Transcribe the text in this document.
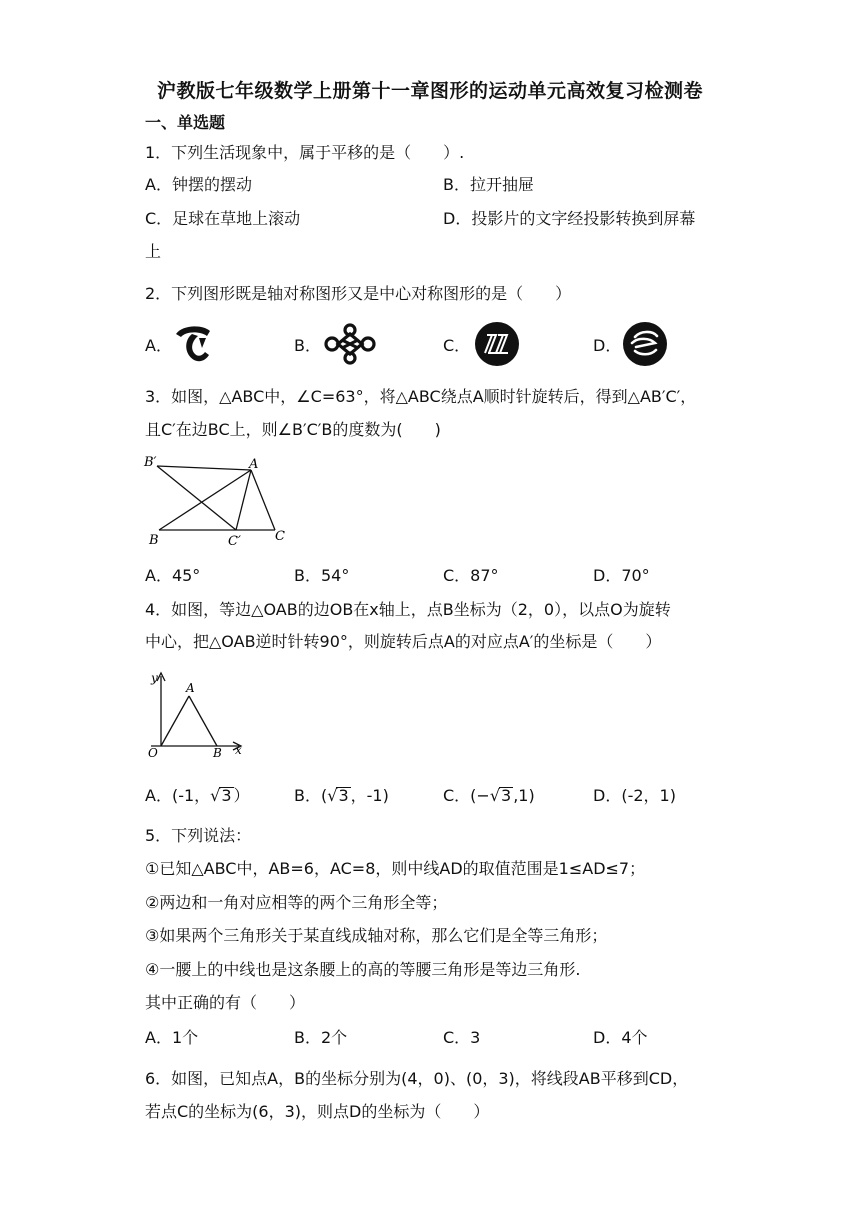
沪教版七年级数学上册第十一章图形的运动单元高效复习检测卷
一、单选题
1．下列生活现象中，属于平移的是（　　）.
A．钟摆的摆动	B．拉开抽屉
C．足球在草地上滚动	D．投影片的文字经投影转换到屏幕
上
2．下列图形既是轴对称图形又是中心对称图形的是（　　）
A．	B．	C．	D．
3．如图，△ABC中，∠C=63°，将△ABC绕点A顺时针旋转后，得到△AB′C′，
且C′在边BC上，则∠B′C′B的度数为(　　)
B′	A
B	C′	C
A．45°	B．54°	C．87°	D．70°
4．如图，等边△OAB的边OB在x轴上，点B坐标为（2，0），以点O为旋转
中心，把△OAB逆时针转90°，则旋转后点A的对应点A′的坐标是（　　）
y
A
O	B x
A．(-1，√3 ）	B．(√3 ，-1)	C．(−√3 ,1)	D．(-2，1)
5．下列说法：
①已知△ABC中，AB=6，AC=8，则中线AD的取值范围是1≤AD≤7；
②两边和一角对应相等的两个三角形全等；
③如果两个三角形关于某直线成轴对称，那么它们是全等三角形；
④一腰上的中线也是这条腰上的高的等腰三角形是等边三角形.
其中正确的有（　　）
A．1个	B．2个	C．3	D．4个
6．如图，已知点A，B的坐标分别为(4，0)、(0，3)，将线段AB平移到CD，
若点C的坐标为(6，3)，则点D的坐标为（　　）
